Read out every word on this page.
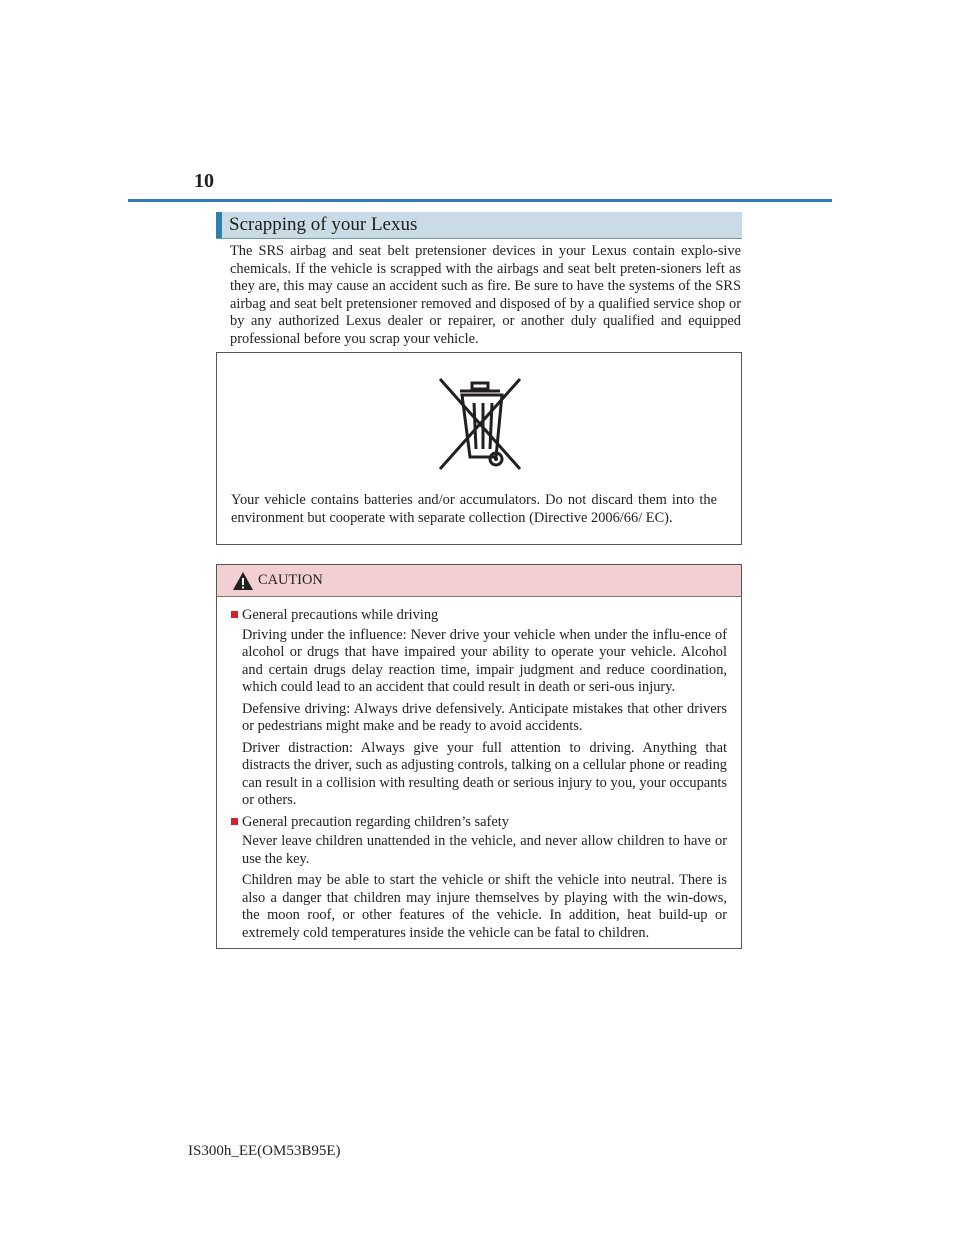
10
Scrapping of your Lexus

The SRS airbag and seat belt pretensioner devices in your Lexus contain explo-sive chemicals. If the vehicle is scrapped with the airbags and seat belt preten-sioners left as they are, this may cause an accident such as fire. Be sure to have the systems of the SRS airbag and seat belt pretensioner removed and disposed of by a qualified service shop or by any authorized Lexus dealer or repairer, or another duly qualified and equipped professional before you scrap your vehicle.

Your vehicle contains batteries and/or accumulators. Do not discard them into the environment but cooperate with separate collection (Directive 2006/66/ EC).

CAUTION

General precautions while driving

Driving under the influence: Never drive your vehicle when under the influ-ence of alcohol or drugs that have impaired your ability to operate your vehicle. Alcohol and certain drugs delay reaction time, impair judgment and reduce coordination, which could lead to an accident that could result in death or seri-ous injury.

Defensive driving: Always drive defensively. Anticipate mistakes that other drivers or pedestrians might make and be ready to avoid accidents.

Driver distraction: Always give your full attention to driving. Anything that distracts the driver, such as adjusting controls, talking on a cellular phone or reading can result in a collision with resulting death or serious injury to you, your occupants or others.

General precaution regarding children’s safety

Never leave children unattended in the vehicle, and never allow children to have or use the key.

Children may be able to start the vehicle or shift the vehicle into neutral. There is also a danger that children may injure themselves by playing with the win-dows, the moon roof, or other features of the vehicle. In addition, heat build-up or extremely cold temperatures inside the vehicle can be fatal to children.

IS300h_EE(OM53B95E)
